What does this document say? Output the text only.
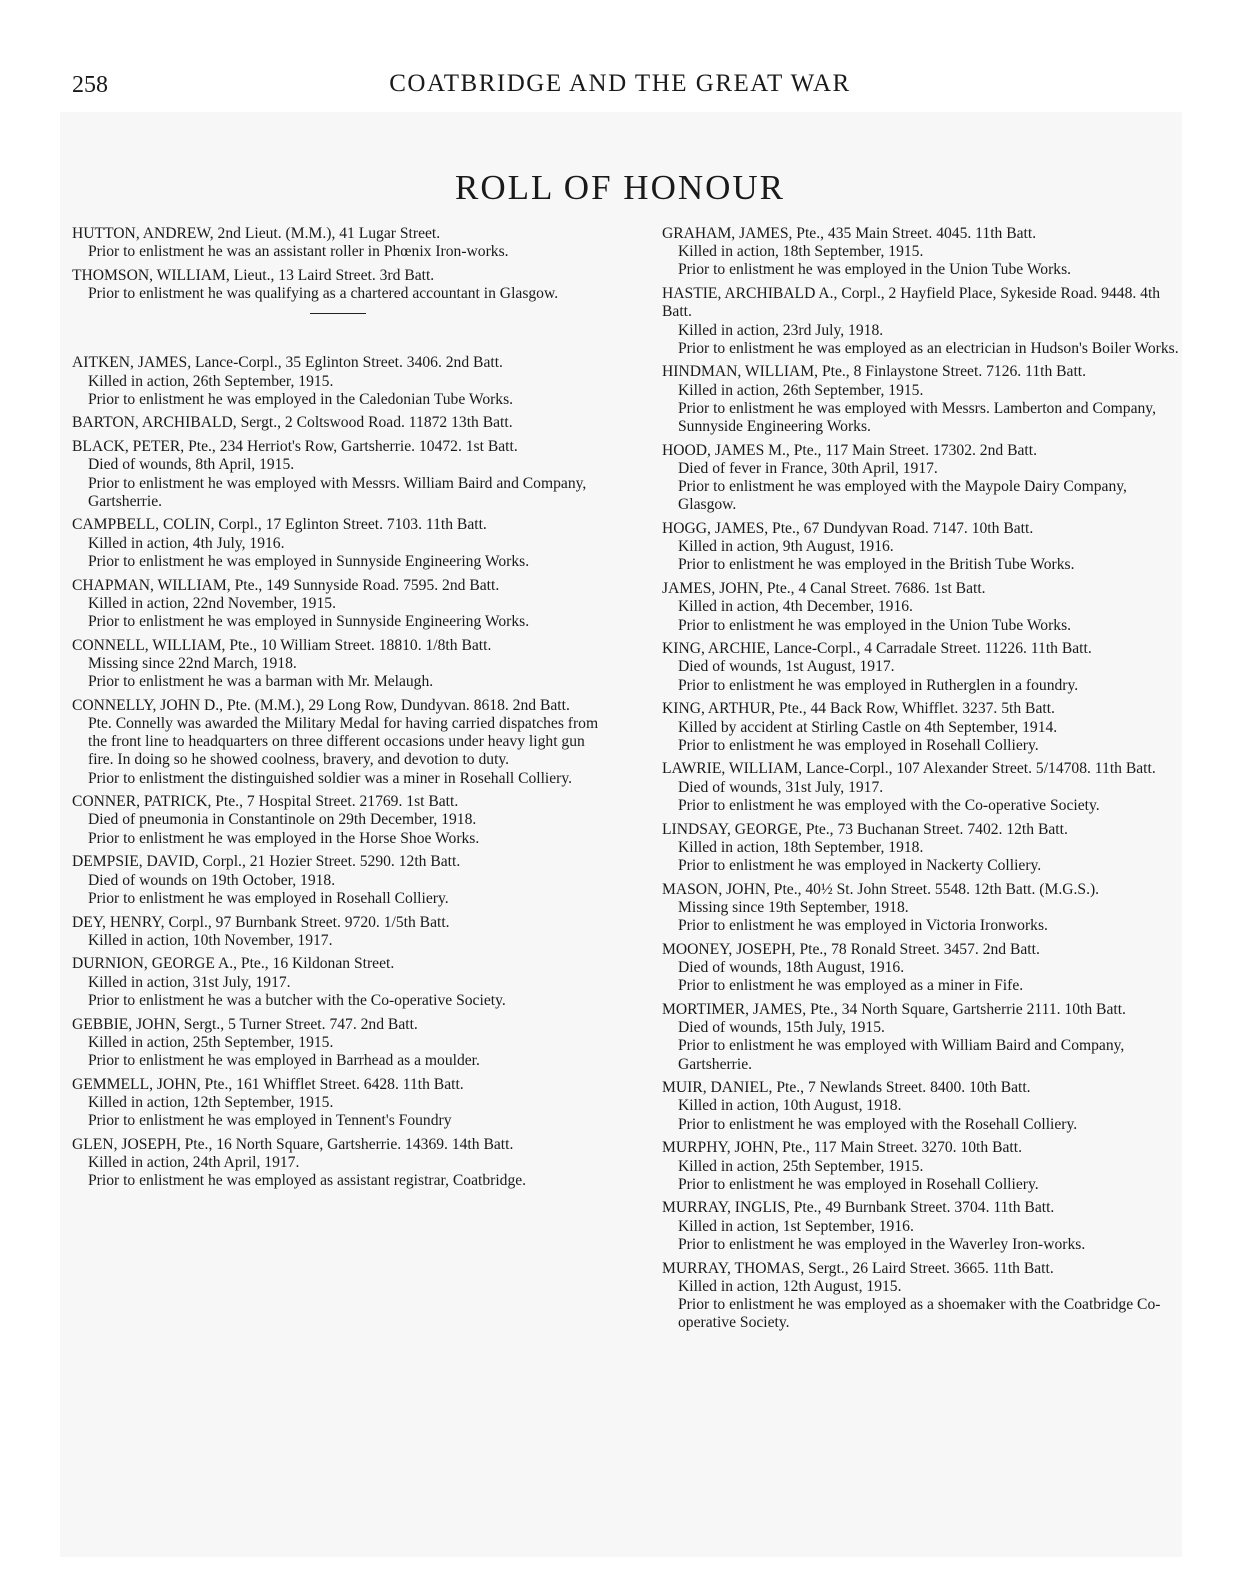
258	COATBRIDGE AND THE GREAT WAR
ROLL OF HONOUR
HUTTON, ANDREW, 2nd Lieut. (M.M.), 41 Lugar Street.
Prior to enlistment he was an assistant roller in Phœnix Iron-works.
THOMSON, WILLIAM, Lieut., 13 Laird Street. 3rd Batt.
Prior to enlistment he was qualifying as a chartered accountant in Glasgow.
AITKEN, JAMES, Lance-Corpl., 35 Eglinton Street. 3406. 2nd Batt.
Killed in action, 26th September, 1915.
Prior to enlistment he was employed in the Caledonian Tube Works.
BARTON, ARCHIBALD, Sergt., 2 Coltswood Road. 11872 13th Batt.
BLACK, PETER, Pte., 234 Herriot's Row, Gartsherrie. 10472. 1st Batt.
Died of wounds, 8th April, 1915.
Prior to enlistment he was employed with Messrs. William Baird and Company, Gartsherrie.
CAMPBELL, COLIN, Corpl., 17 Eglinton Street. 7103. 11th Batt.
Killed in action, 4th July, 1916.
Prior to enlistment he was employed in Sunnyside Engineering Works.
CHAPMAN, WILLIAM, Pte., 149 Sunnyside Road. 7595. 2nd Batt.
Killed in action, 22nd November, 1915.
Prior to enlistment he was employed in Sunnyside Engineering Works.
CONNELL, WILLIAM, Pte., 10 William Street. 18810. 1/8th Batt.
Missing since 22nd March, 1918.
Prior to enlistment he was a barman with Mr. Melaugh.
CONNELLY, JOHN D., Pte. (M.M.), 29 Long Row, Dundyvan. 8618. 2nd Batt.
Pte. Connelly was awarded the Military Medal for having carried dispatches from the front line to headquarters on three different occasions under heavy light gun fire. In doing so he showed coolness, bravery, and devotion to duty.
Prior to enlistment the distinguished soldier was a miner in Rosehall Colliery.
CONNER, PATRICK, Pte., 7 Hospital Street. 21769. 1st Batt.
Died of pneumonia in Constantinole on 29th December, 1918.
Prior to enlistment he was employed in the Horse Shoe Works.
DEMPSIE, DAVID, Corpl., 21 Hozier Street. 5290. 12th Batt.
Died of wounds on 19th October, 1918.
Prior to enlistment he was employed in Rosehall Colliery.
DEY, HENRY, Corpl., 97 Burnbank Street. 9720. 1/5th Batt.
Killed in action, 10th November, 1917.
DURNION, GEORGE A., Pte., 16 Kildonan Street.
Killed in action, 31st July, 1917.
Prior to enlistment he was a butcher with the Co-operative Society.
GEBBIE, JOHN, Sergt., 5 Turner Street. 747. 2nd Batt.
Killed in action, 25th September, 1915.
Prior to enlistment he was employed in Barrhead as a moulder.
GEMMELL, JOHN, Pte., 161 Whifflet Street. 6428. 11th Batt.
Killed in action, 12th September, 1915.
Prior to enlistment he was employed in Tennent's Foundry
GLEN, JOSEPH, Pte., 16 North Square, Gartsherrie. 14369. 14th Batt.
Killed in action, 24th April, 1917.
Prior to enlistment he was employed as assistant registrar, Coatbridge.
GRAHAM, JAMES, Pte., 435 Main Street. 4045. 11th Batt.
Killed in action, 18th September, 1915.
Prior to enlistment he was employed in the Union Tube Works.
HASTIE, ARCHIBALD A., Corpl., 2 Hayfield Place, Sykeside Road. 9448. 4th Batt.
Killed in action, 23rd July, 1918.
Prior to enlistment he was employed as an electrician in Hudson's Boiler Works.
HINDMAN, WILLIAM, Pte., 8 Finlaystone Street. 7126. 11th Batt.
Killed in action, 26th September, 1915.
Prior to enlistment he was employed with Messrs. Lamberton and Company, Sunnyside Engineering Works.
HOOD, JAMES M., Pte., 117 Main Street. 17302. 2nd Batt.
Died of fever in France, 30th April, 1917.
Prior to enlistment he was employed with the Maypole Dairy Company, Glasgow.
HOGG, JAMES, Pte., 67 Dundyvan Road. 7147. 10th Batt.
Killed in action, 9th August, 1916.
Prior to enlistment he was employed in the British Tube Works.
JAMES, JOHN, Pte., 4 Canal Street. 7686. 1st Batt.
Killed in action, 4th December, 1916.
Prior to enlistment he was employed in the Union Tube Works.
KING, ARCHIE, Lance-Corpl., 4 Carradale Street. 11226. 11th Batt.
Died of wounds, 1st August, 1917.
Prior to enlistment he was employed in Rutherglen in a foundry.
KING, ARTHUR, Pte., 44 Back Row, Whifflet. 3237. 5th Batt.
Killed by accident at Stirling Castle on 4th September, 1914.
Prior to enlistment he was employed in Rosehall Colliery.
LAWRIE, WILLIAM, Lance-Corpl., 107 Alexander Street. 5/14708. 11th Batt.
Died of wounds, 31st July, 1917.
Prior to enlistment he was employed with the Co-operative Society.
LINDSAY, GEORGE, Pte., 73 Buchanan Street. 7402. 12th Batt.
Killed in action, 18th September, 1918.
Prior to enlistment he was employed in Nackerty Colliery.
MASON, JOHN, Pte., 40½ St. John Street. 5548. 12th Batt. (M.G.S.).
Missing since 19th September, 1918.
Prior to enlistment he was employed in Victoria Ironworks.
MOONEY, JOSEPH, Pte., 78 Ronald Street. 3457. 2nd Batt.
Died of wounds, 18th August, 1916.
Prior to enlistment he was employed as a miner in Fife.
MORTIMER, JAMES, Pte., 34 North Square, Gartsherrie 2111. 10th Batt.
Died of wounds, 15th July, 1915.
Prior to enlistment he was employed with William Baird and Company, Gartsherrie.
MUIR, DANIEL, Pte., 7 Newlands Street. 8400. 10th Batt.
Killed in action, 10th August, 1918.
Prior to enlistment he was employed with the Rosehall Colliery.
MURPHY, JOHN, Pte., 117 Main Street. 3270. 10th Batt.
Killed in action, 25th September, 1915.
Prior to enlistment he was employed in Rosehall Colliery.
MURRAY, INGLIS, Pte., 49 Burnbank Street. 3704. 11th Batt.
Killed in action, 1st September, 1916.
Prior to enlistment he was employed in the Waverley Iron-works.
MURRAY, THOMAS, Sergt., 26 Laird Street. 3665. 11th Batt.
Killed in action, 12th August, 1915.
Prior to enlistment he was employed as a shoemaker with the Coatbridge Co-operative Society.
